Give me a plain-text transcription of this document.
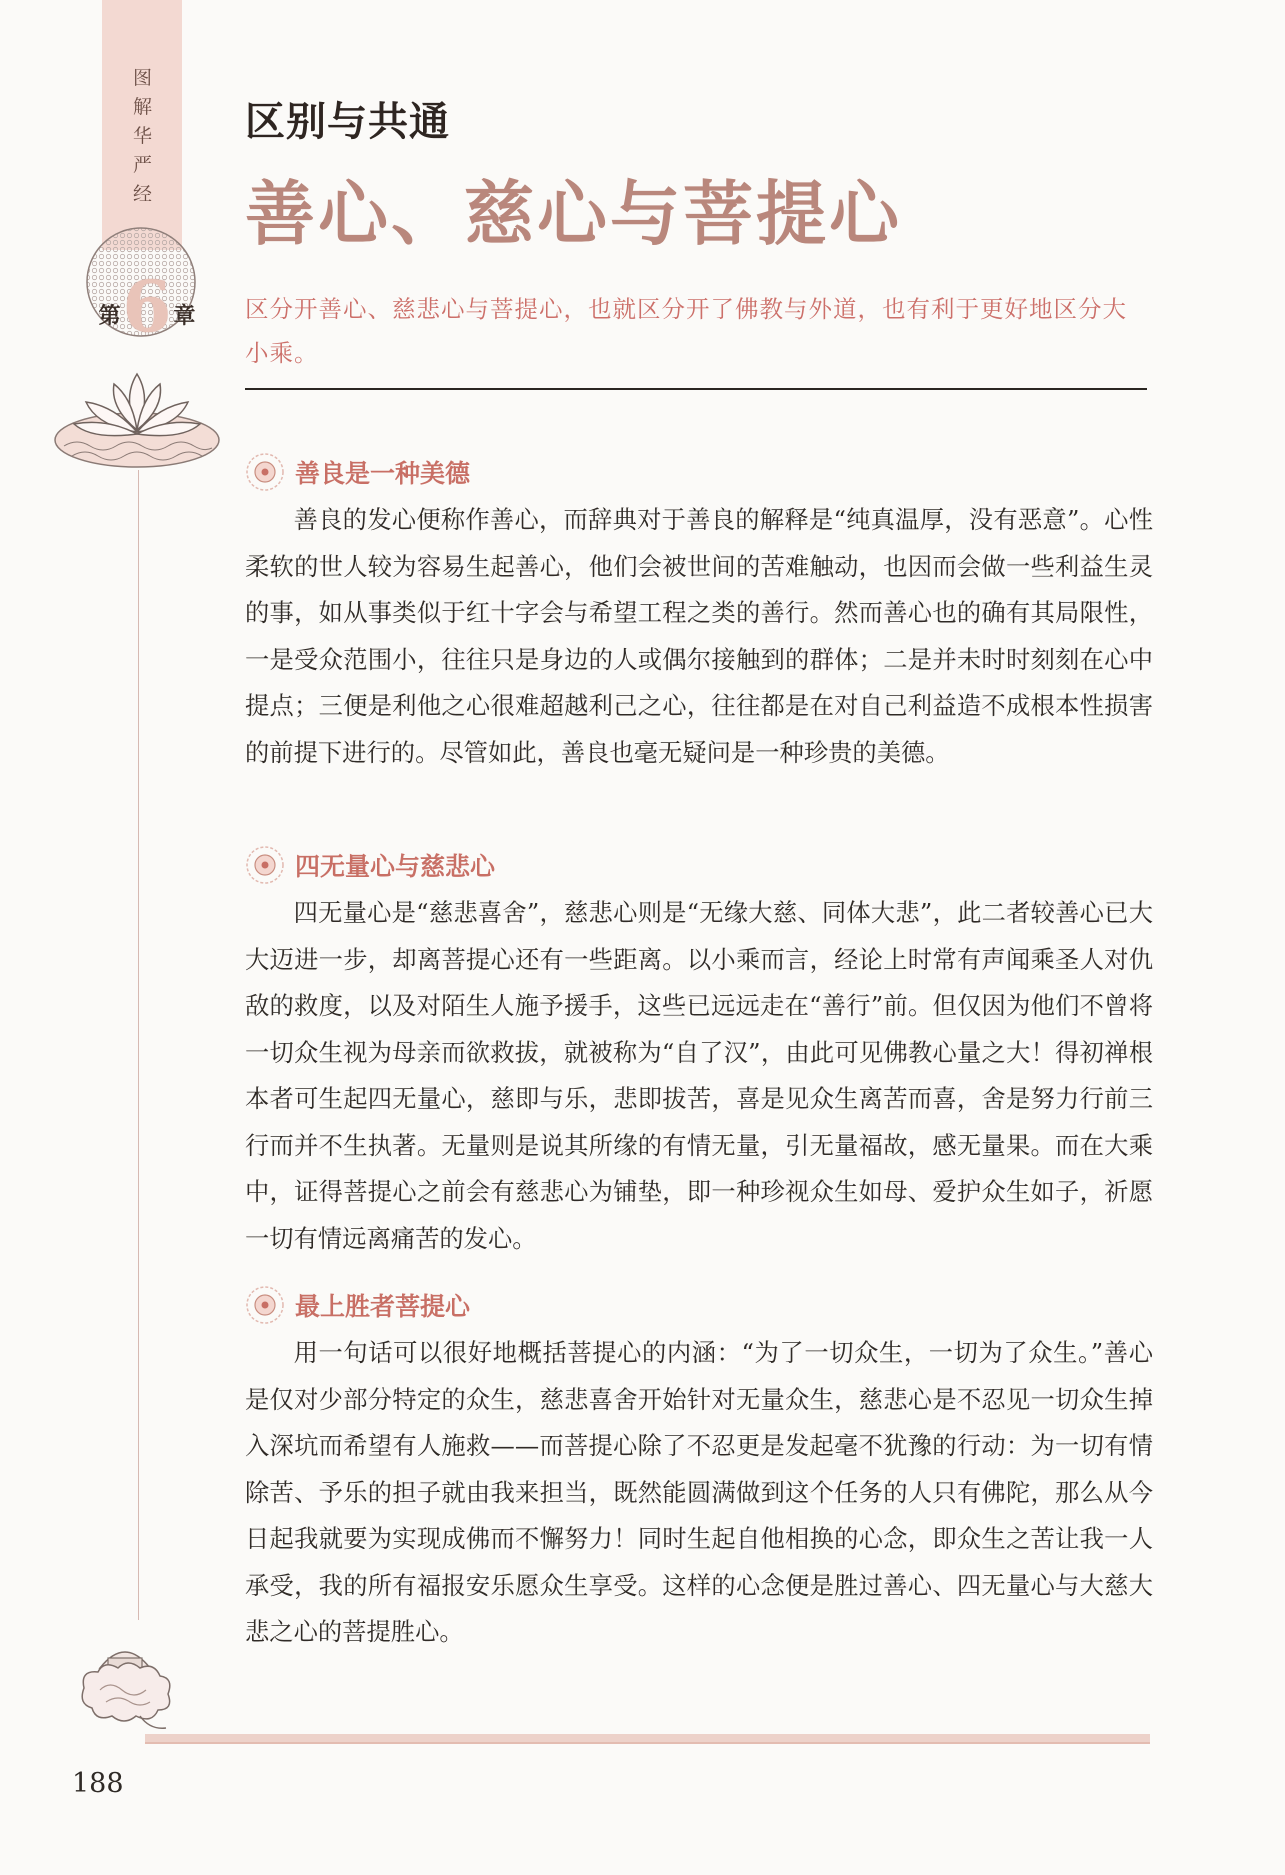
图解华严经
第 6 章
区别与共通
善心、慈心与菩提心
区分开善心、慈悲心与菩提心，也就区分开了佛教与外道，也有利于更好地区分大小乘。
善良是一种美德

善良的发心便称作善心，而辞典对于善良的解释是“纯真温厚，没有恶意”。心性柔软的世人较为容易生起善心，他们会被世间的苦难触动，也因而会做一些利益生灵的事，如从事类似于红十字会与希望工程之类的善行。然而善心也的确有其局限性，一是受众范围小，往往只是身边的人或偶尔接触到的群体；二是并未时时刻刻在心中提点；三便是利他之心很难超越利己之心，往往都是在对自己利益造不成根本性损害的前提下进行的。尽管如此，善良也毫无疑问是一种珍贵的美德。

四无量心与慈悲心

四无量心是“慈悲喜舍”，慈悲心则是“无缘大慈、同体大悲”，此二者较善心已大大迈进一步，却离菩提心还有一些距离。以小乘而言，经论上时常有声闻乘圣人对仇敌的救度，以及对陌生人施予援手，这些已远远走在“善行”前。但仅因为他们不曾将一切众生视为母亲而欲救拔，就被称为“自了汉”，由此可见佛教心量之大！得初禅根本者可生起四无量心，慈即与乐，悲即拔苦，喜是见众生离苦而喜，舍是努力行前三行而并不生执著。无量则是说其所缘的有情无量，引无量福故，感无量果。而在大乘中，证得菩提心之前会有慈悲心为铺垫，即一种珍视众生如母、爱护众生如子，祈愿一切有情远离痛苦的发心。

最上胜者菩提心

用一句话可以很好地概括菩提心的内涵：“为了一切众生，一切为了众生。”善心是仅对少部分特定的众生，慈悲喜舍开始针对无量众生，慈悲心是不忍见一切众生掉入深坑而希望有人施救——而菩提心除了不忍更是发起毫不犹豫的行动：为一切有情除苦、予乐的担子就由我来担当，既然能圆满做到这个任务的人只有佛陀，那么从今日起我就要为实现成佛而不懈努力！同时生起自他相换的心念，即众生之苦让我一人承受，我的所有福报安乐愿众生享受。这样的心念便是胜过善心、四无量心与大慈大悲之心的菩提胜心。

188
